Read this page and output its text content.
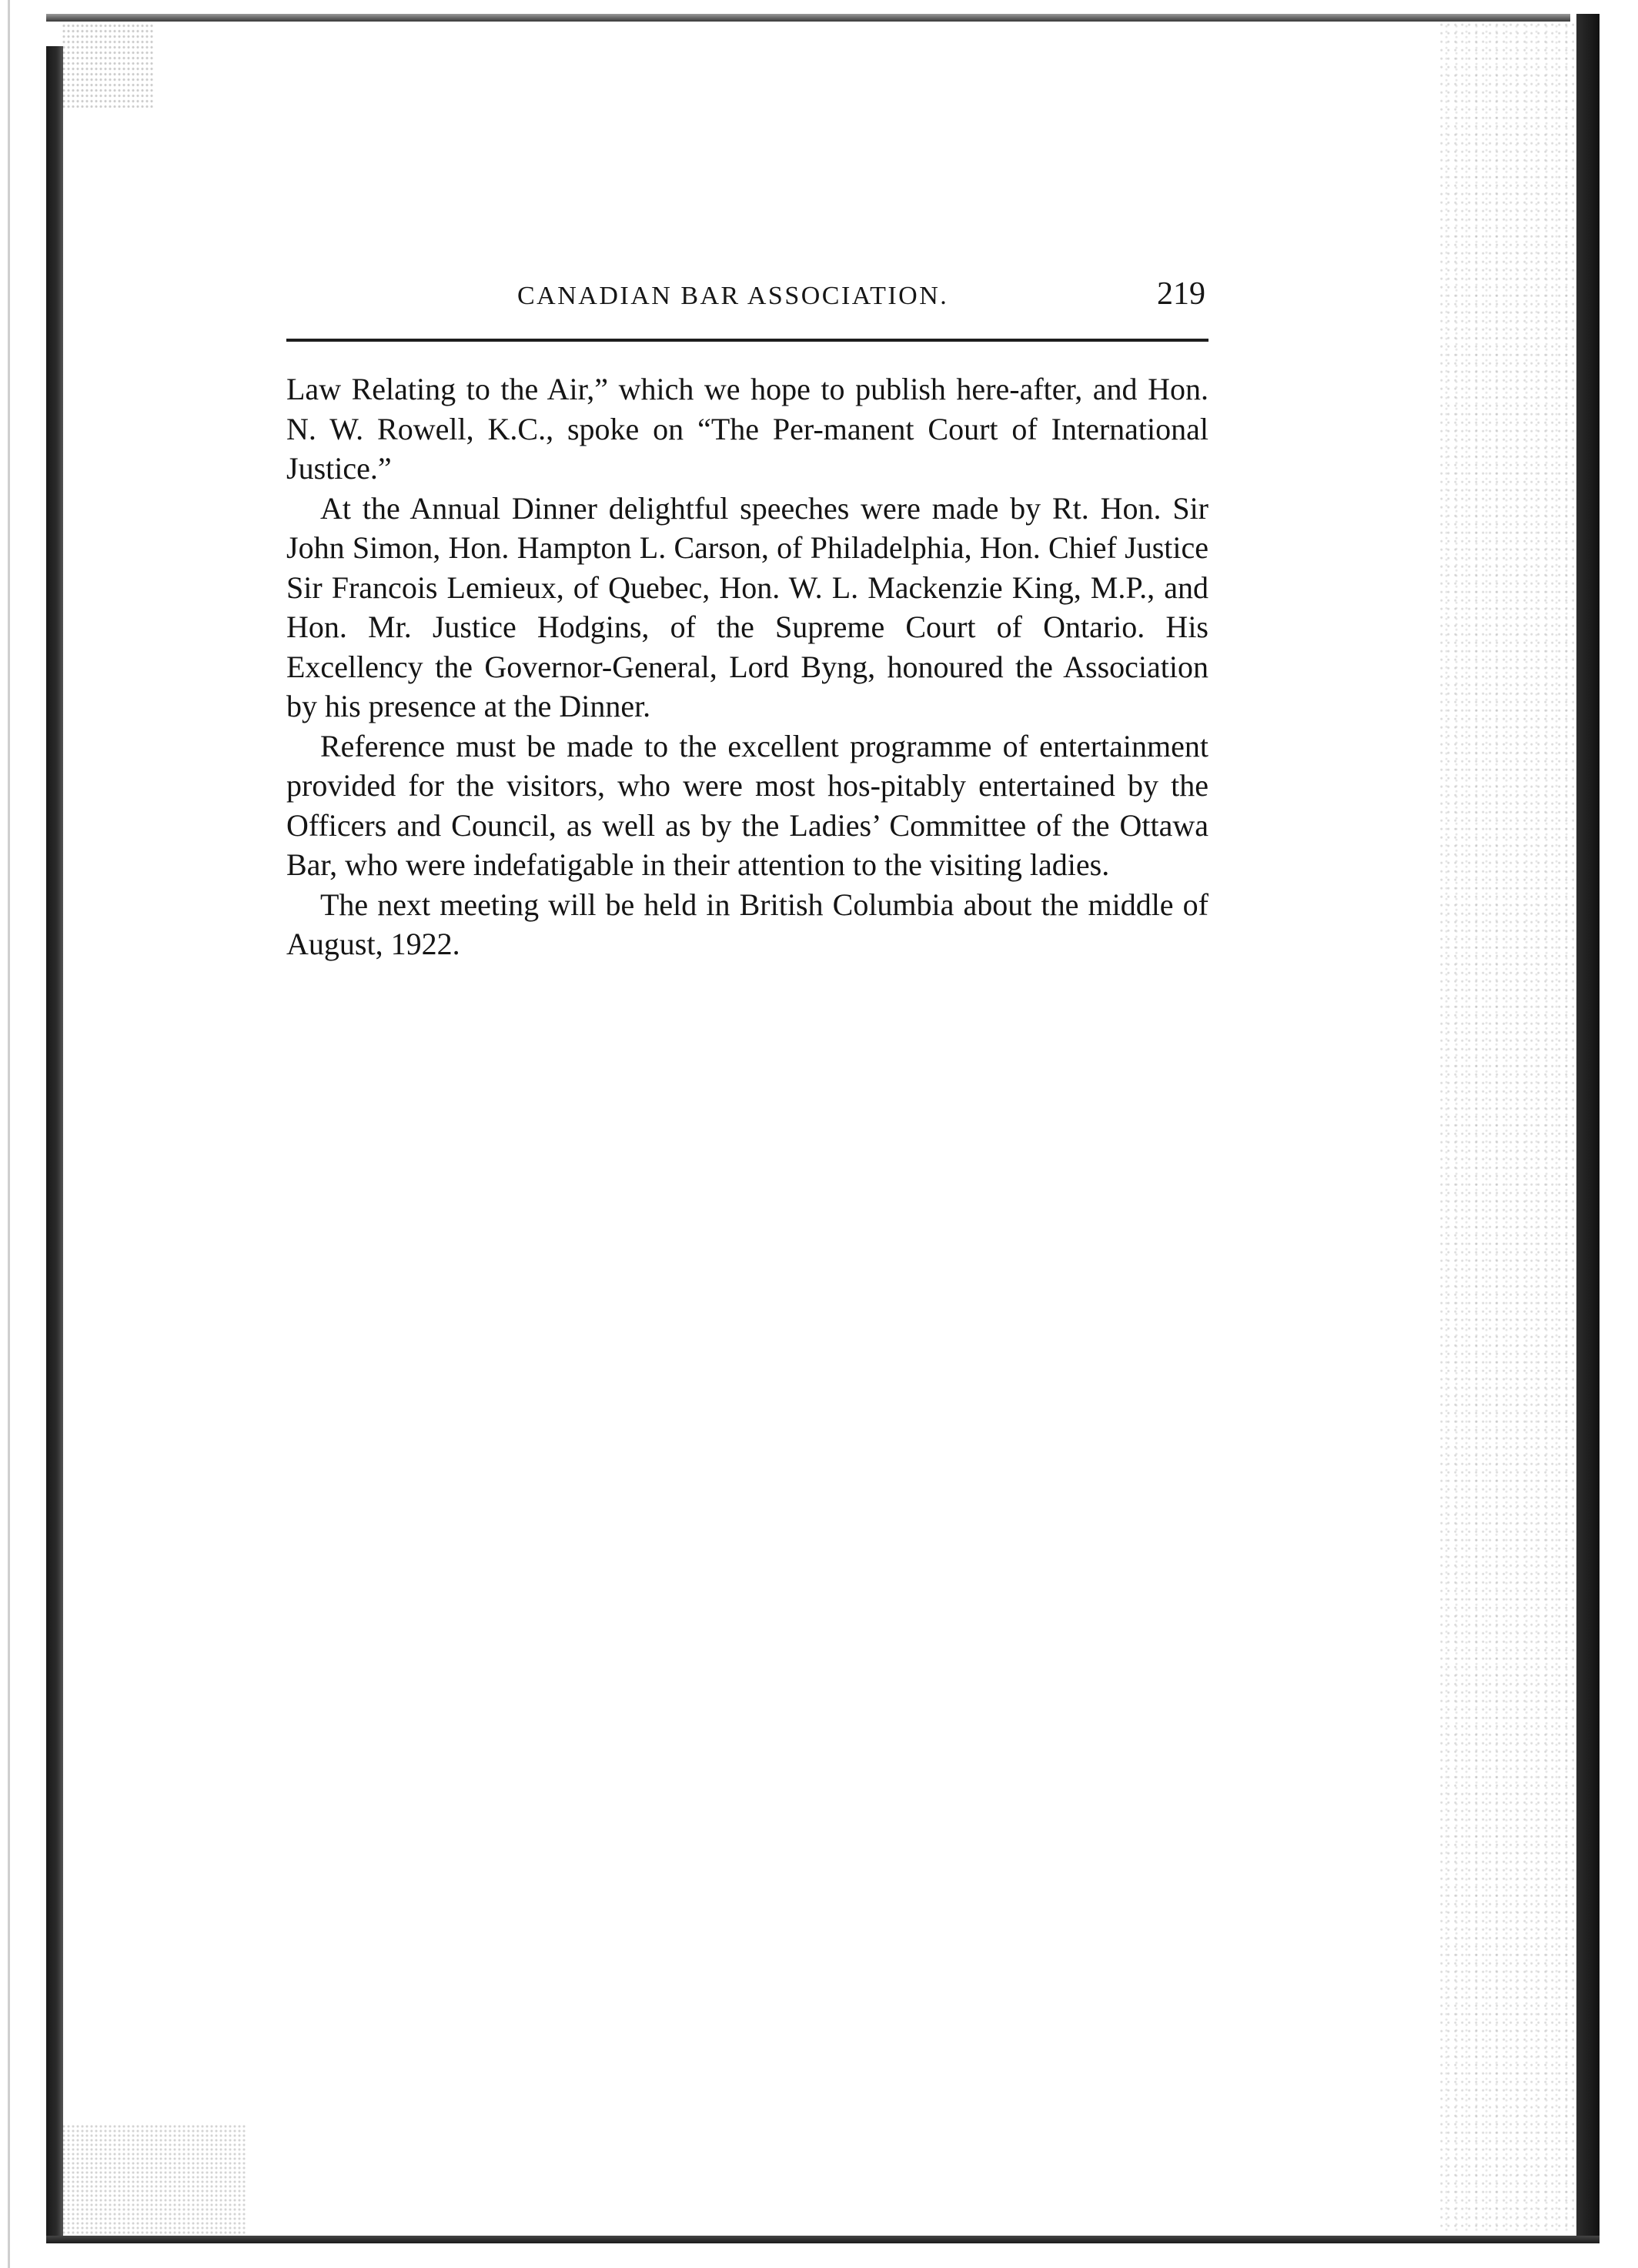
CANADIAN BAR ASSOCIATION.	219

Law Relating to the Air,” which we hope to publish here-after, and Hon. N. W. Rowell, K.C., spoke on “The Per-manent Court of International Justice.”

At the Annual Dinner delightful speeches were made by Rt. Hon. Sir John Simon, Hon. Hampton L. Carson, of Philadelphia, Hon. Chief Justice Sir Francois Lemieux, of Quebec, Hon. W. L. Mackenzie King, M.P., and Hon. Mr. Justice Hodgins, of the Supreme Court of Ontario. His Excellency the Governor-General, Lord Byng, honoured the Association by his presence at the Dinner.

Reference must be made to the excellent programme of entertainment provided for the visitors, who were most hos-pitably entertained by the Officers and Council, as well as by the Ladies’ Committee of the Ottawa Bar, who were indefatigable in their attention to the visiting ladies.

The next meeting will be held in British Columbia about the middle of August, 1922.
